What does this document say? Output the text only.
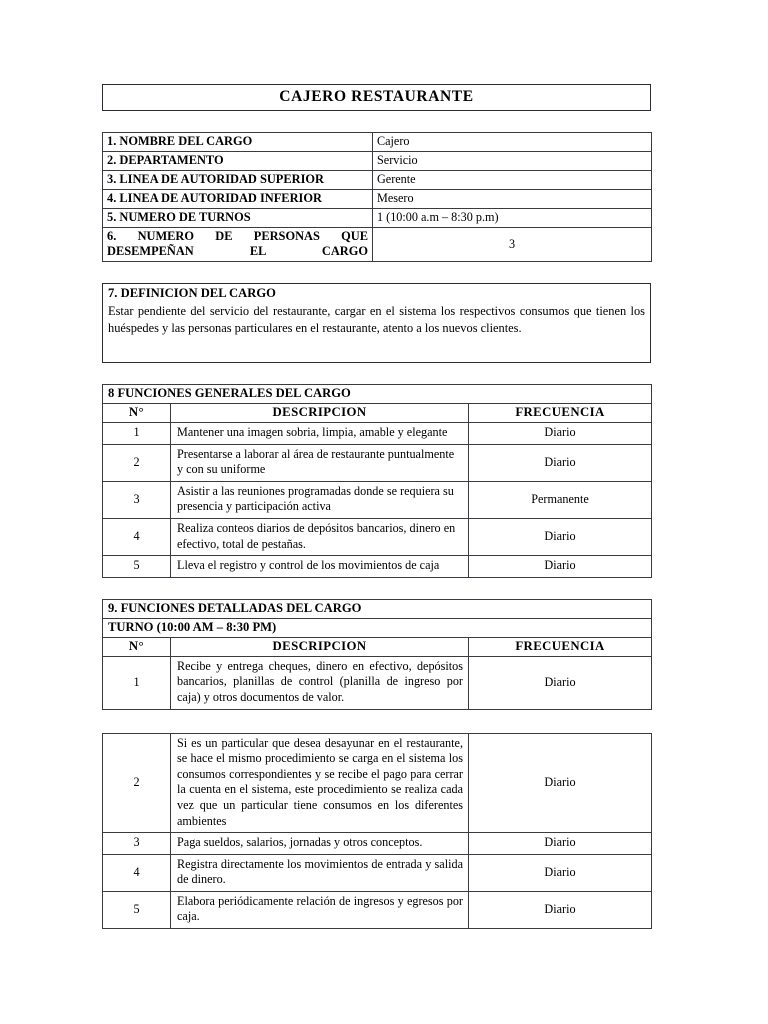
CAJERO RESTAURANTE
1. NOMBRE DEL CARGO	Cajero
2. DEPARTAMENTO	Servicio
3. LINEA DE AUTORIDAD SUPERIOR	Gerente
4. LINEA DE AUTORIDAD INFERIOR	Mesero
5. NUMERO DE TURNOS	1 (10:00 a.m – 8:30 p.m)
6. NUMERO DE PERSONAS QUE DESEMPEÑAN EL CARGO	3
7. DEFINICION DEL CARGO
Estar pendiente del servicio del restaurante, cargar en el sistema los respectivos consumos que tienen los huéspedes y las personas particulares en el restaurante, atento a los nuevos clientes.
8 FUNCIONES GENERALES DEL CARGO		
N°	DESCRIPCION	FRECUENCIA
1	Mantener una imagen sobria, limpia, amable y elegante	Diario
2	Presentarse a laborar al área de restaurante puntualmente y con su uniforme	Diario
3	Asistir a las reuniones programadas donde se requiera su presencia y participación activa	Permanente
4	Realiza conteos diarios de depósitos bancarios, dinero en efectivo, total de pestañas.	Diario
5	Lleva el registro y control de los movimientos de caja	Diario
9. FUNCIONES DETALLADAS DEL CARGO		
TURNO (10:00 AM – 8:30 PM)		
N°	DESCRIPCION	FRECUENCIA
1	Recibe y entrega cheques, dinero en efectivo, depósitos bancarios, planillas de control (planilla de ingreso por caja) y otros documentos de valor.	Diario
2	Si es un particular que desea desayunar en el restaurante, se hace el mismo procedimiento se carga en el sistema los consumos correspondientes y se recibe el pago para cerrar la cuenta en el sistema, este procedimiento se realiza cada vez que un particular tiene consumos en los diferentes ambientes	Diario
3	Paga sueldos, salarios, jornadas y otros conceptos.	Diario
4	Registra directamente los movimientos de entrada y salida de dinero.	Diario
5	Elabora periódicamente relación de ingresos y egresos por caja.	Diario
